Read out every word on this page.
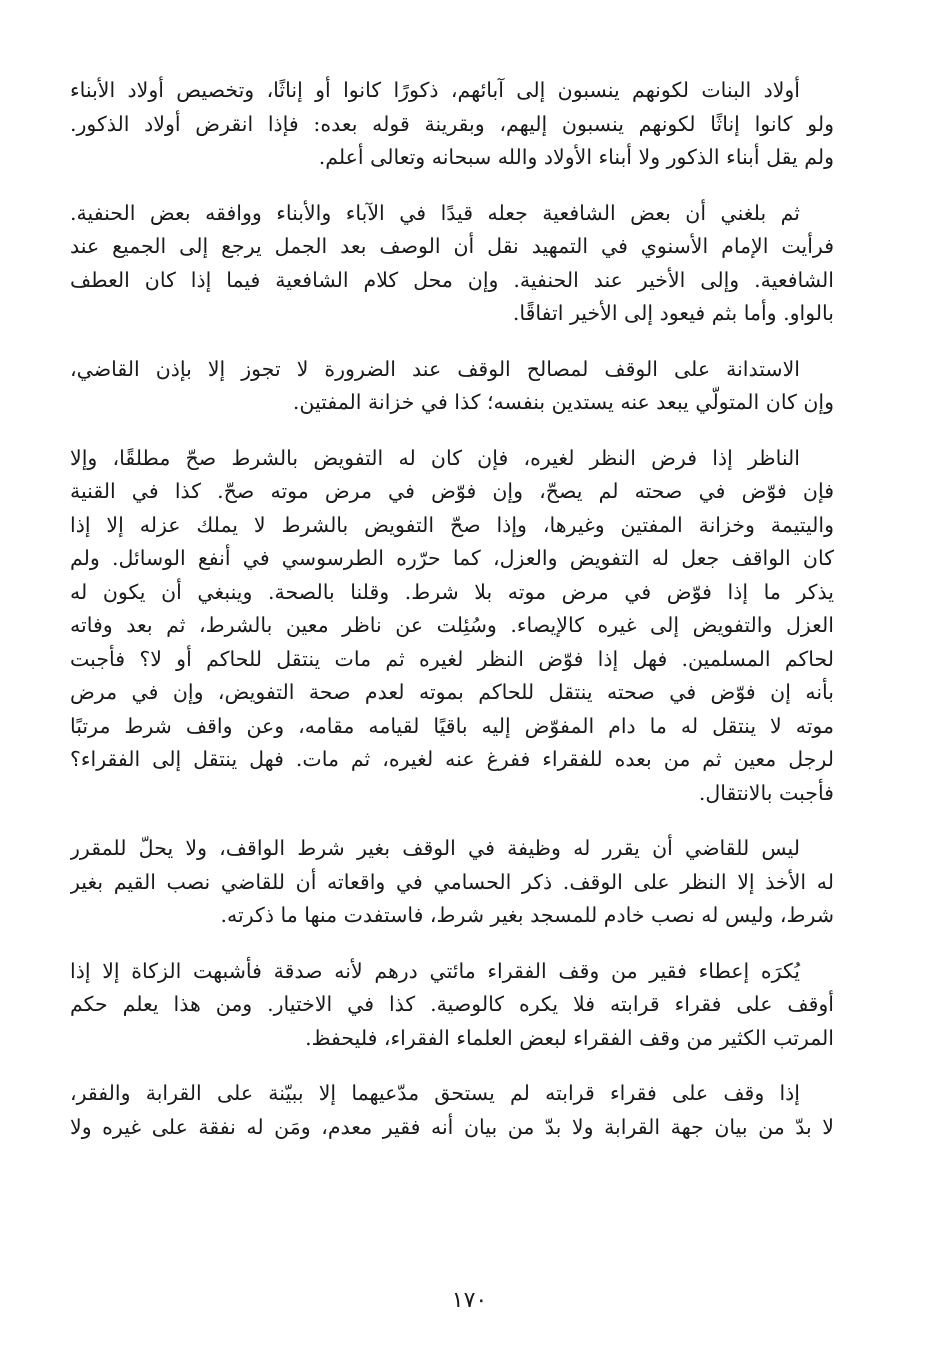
أولاد البنات لكونهم ينسبون إلى آبائهم، ذكورًا كانوا أو إناثًا، وتخصيص أولاد الأبناء
ولو كانوا إناثًا لكونهم ينسبون إليهم، وبقرينة قوله بعده: فإذا انقرض أولاد الذكور.
ولم يقل أبناء الذكور ولا أبناء الأولاد والله سبحانه وتعالى أعلم.
ثم بلغني أن بعض الشافعية جعله قيدًا في الآباء والأبناء ووافقه بعض الحنفية.
فرأيت الإمام الأسنوي في التمهيد نقل أن الوصف بعد الجمل يرجع إلى الجميع عند
الشافعية. وإلى الأخير عند الحنفية. وإن محل كلام الشافعية فيما إذا كان العطف
بالواو. وأما بثم فيعود إلى الأخير اتفاقًا.
الاستدانة على الوقف لمصالح الوقف عند الضرورة لا تجوز إلا بإذن القاضي،
وإن كان المتولّي يبعد عنه يستدين بنفسه؛ كذا في خزانة المفتين.
الناظر إذا فرض النظر لغيره، فإن كان له التفويض بالشرط صحّ مطلقًا، وإلا
فإن فوّض في صحته لم يصحّ، وإن فوّض في مرض موته صحّ. كذا في القنية
واليتيمة وخزانة المفتين وغيرها، وإذا صحّ التفويض بالشرط لا يملك عزله إلا إذا
كان الواقف جعل له التفويض والعزل، كما حرّره الطرسوسي في أنفع الوسائل. ولم
يذكر ما إذا فوّض في مرض موته بلا شرط. وقلنا بالصحة. وينبغي أن يكون له
العزل والتفويض إلى غيره كالإيصاء. وسُئِلت عن ناظر معين بالشرط، ثم بعد وفاته
لحاكم المسلمين. فهل إذا فوّض النظر لغيره ثم مات ينتقل للحاكم أو لا؟ فأجبت
بأنه إن فوّض في صحته ينتقل للحاكم بموته لعدم صحة التفويض، وإن في مرض
موته لا ينتقل له ما دام المفوّض إليه باقيًا لقيامه مقامه، وعن واقف شرط مرتبًا
لرجل معين ثم من بعده للفقراء ففرغ عنه لغيره، ثم مات. فهل ينتقل إلى الفقراء؟
فأجبت بالانتقال.
ليس للقاضي أن يقرر له وظيفة في الوقف بغير شرط الواقف، ولا يحلّ للمقرر
له الأخذ إلا النظر على الوقف. ذكر الحسامي في واقعاته أن للقاضي نصب القيم بغير
شرط، وليس له نصب خادم للمسجد بغير شرط، فاستفدت منها ما ذكرته.
يُكرَه إعطاء فقير من وقف الفقراء مائتي درهم لأنه صدقة فأشبهت الزكاة إلا إذا
أوقف على فقراء قرابته فلا يكره كالوصية. كذا في الاختيار. ومن هذا يعلم حكم
المرتب الكثير من وقف الفقراء لبعض العلماء الفقراء، فليحفظ.
إذا وقف على فقراء قرابته لم يستحق مدّعيهما إلا ببيّنة على القرابة والفقر،
لا بدّ من بيان جهة القرابة ولا بدّ من بيان أنه فقير معدم، ومَن له نفقة على غيره ولا
١٧٠
